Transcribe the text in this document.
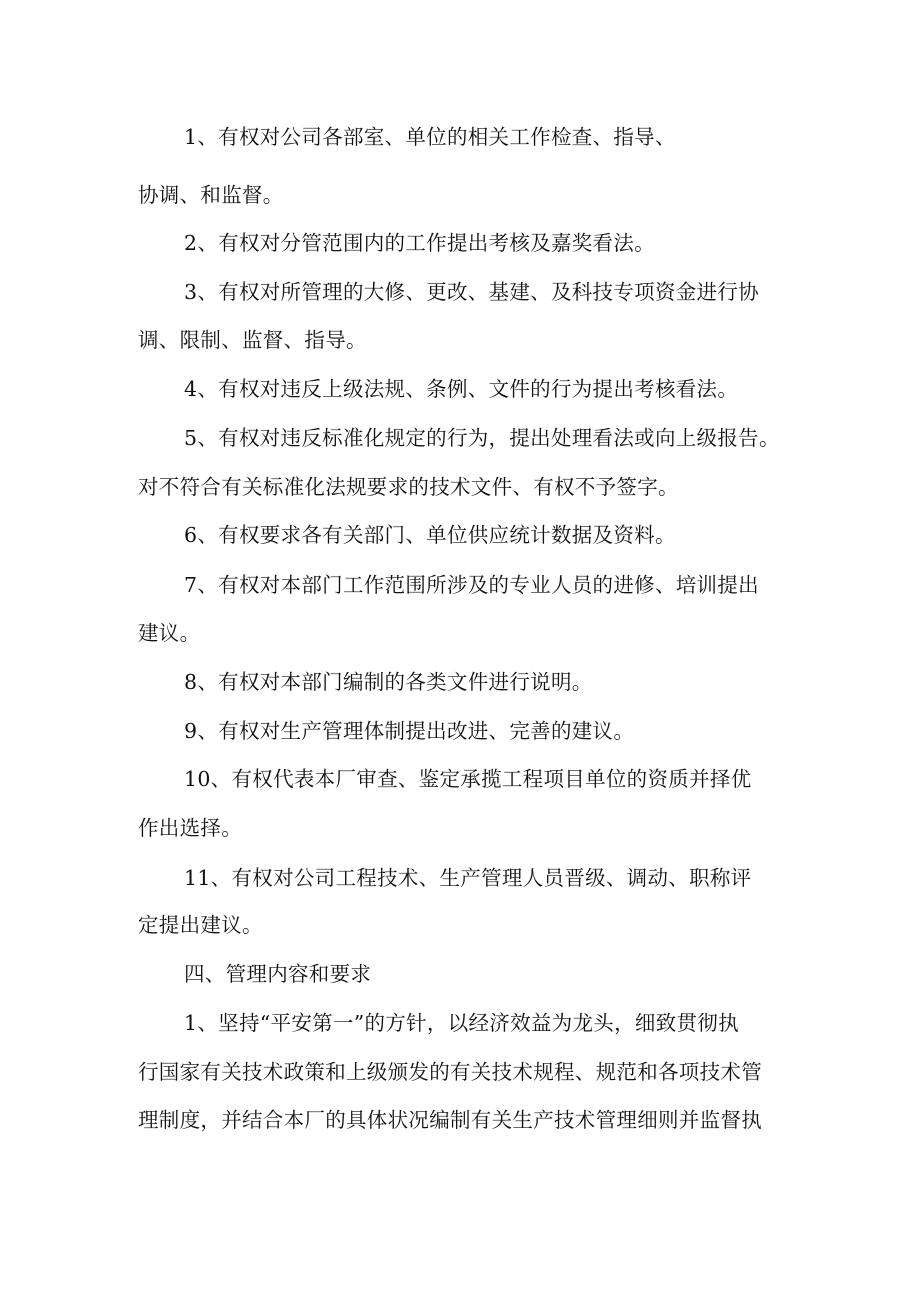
1、有权对公司各部室、单位的相关工作检查、指导、
协调、和监督。
2、有权对分管范围内的工作提出考核及嘉奖看法。
3、有权对所管理的大修、更改、基建、及科技专项资金进行协
调、限制、监督、指导。
4、有权对违反上级法规、条例、文件的行为提出考核看法。
5、有权对违反标准化规定的行为，提出处理看法或向上级报告。
对不符合有关标准化法规要求的技术文件、有权不予签字。
6、有权要求各有关部门、单位供应统计数据及资料。
7、有权对本部门工作范围所涉及的专业人员的进修、培训提出
建议。
8、有权对本部门编制的各类文件进行说明。
9、有权对生产管理体制提出改进、完善的建议。
10、有权代表本厂审查、鉴定承揽工程项目单位的资质并择优
作出选择。
11、有权对公司工程技术、生产管理人员晋级、调动、职称评
定提出建议。
四、管理内容和要求
1、坚持“平安第一”的方针，以经济效益为龙头，细致贯彻执
行国家有关技术政策和上级颁发的有关技术规程、规范和各项技术管
理制度，并结合本厂的具体状况编制有关生产技术管理细则并监督执
